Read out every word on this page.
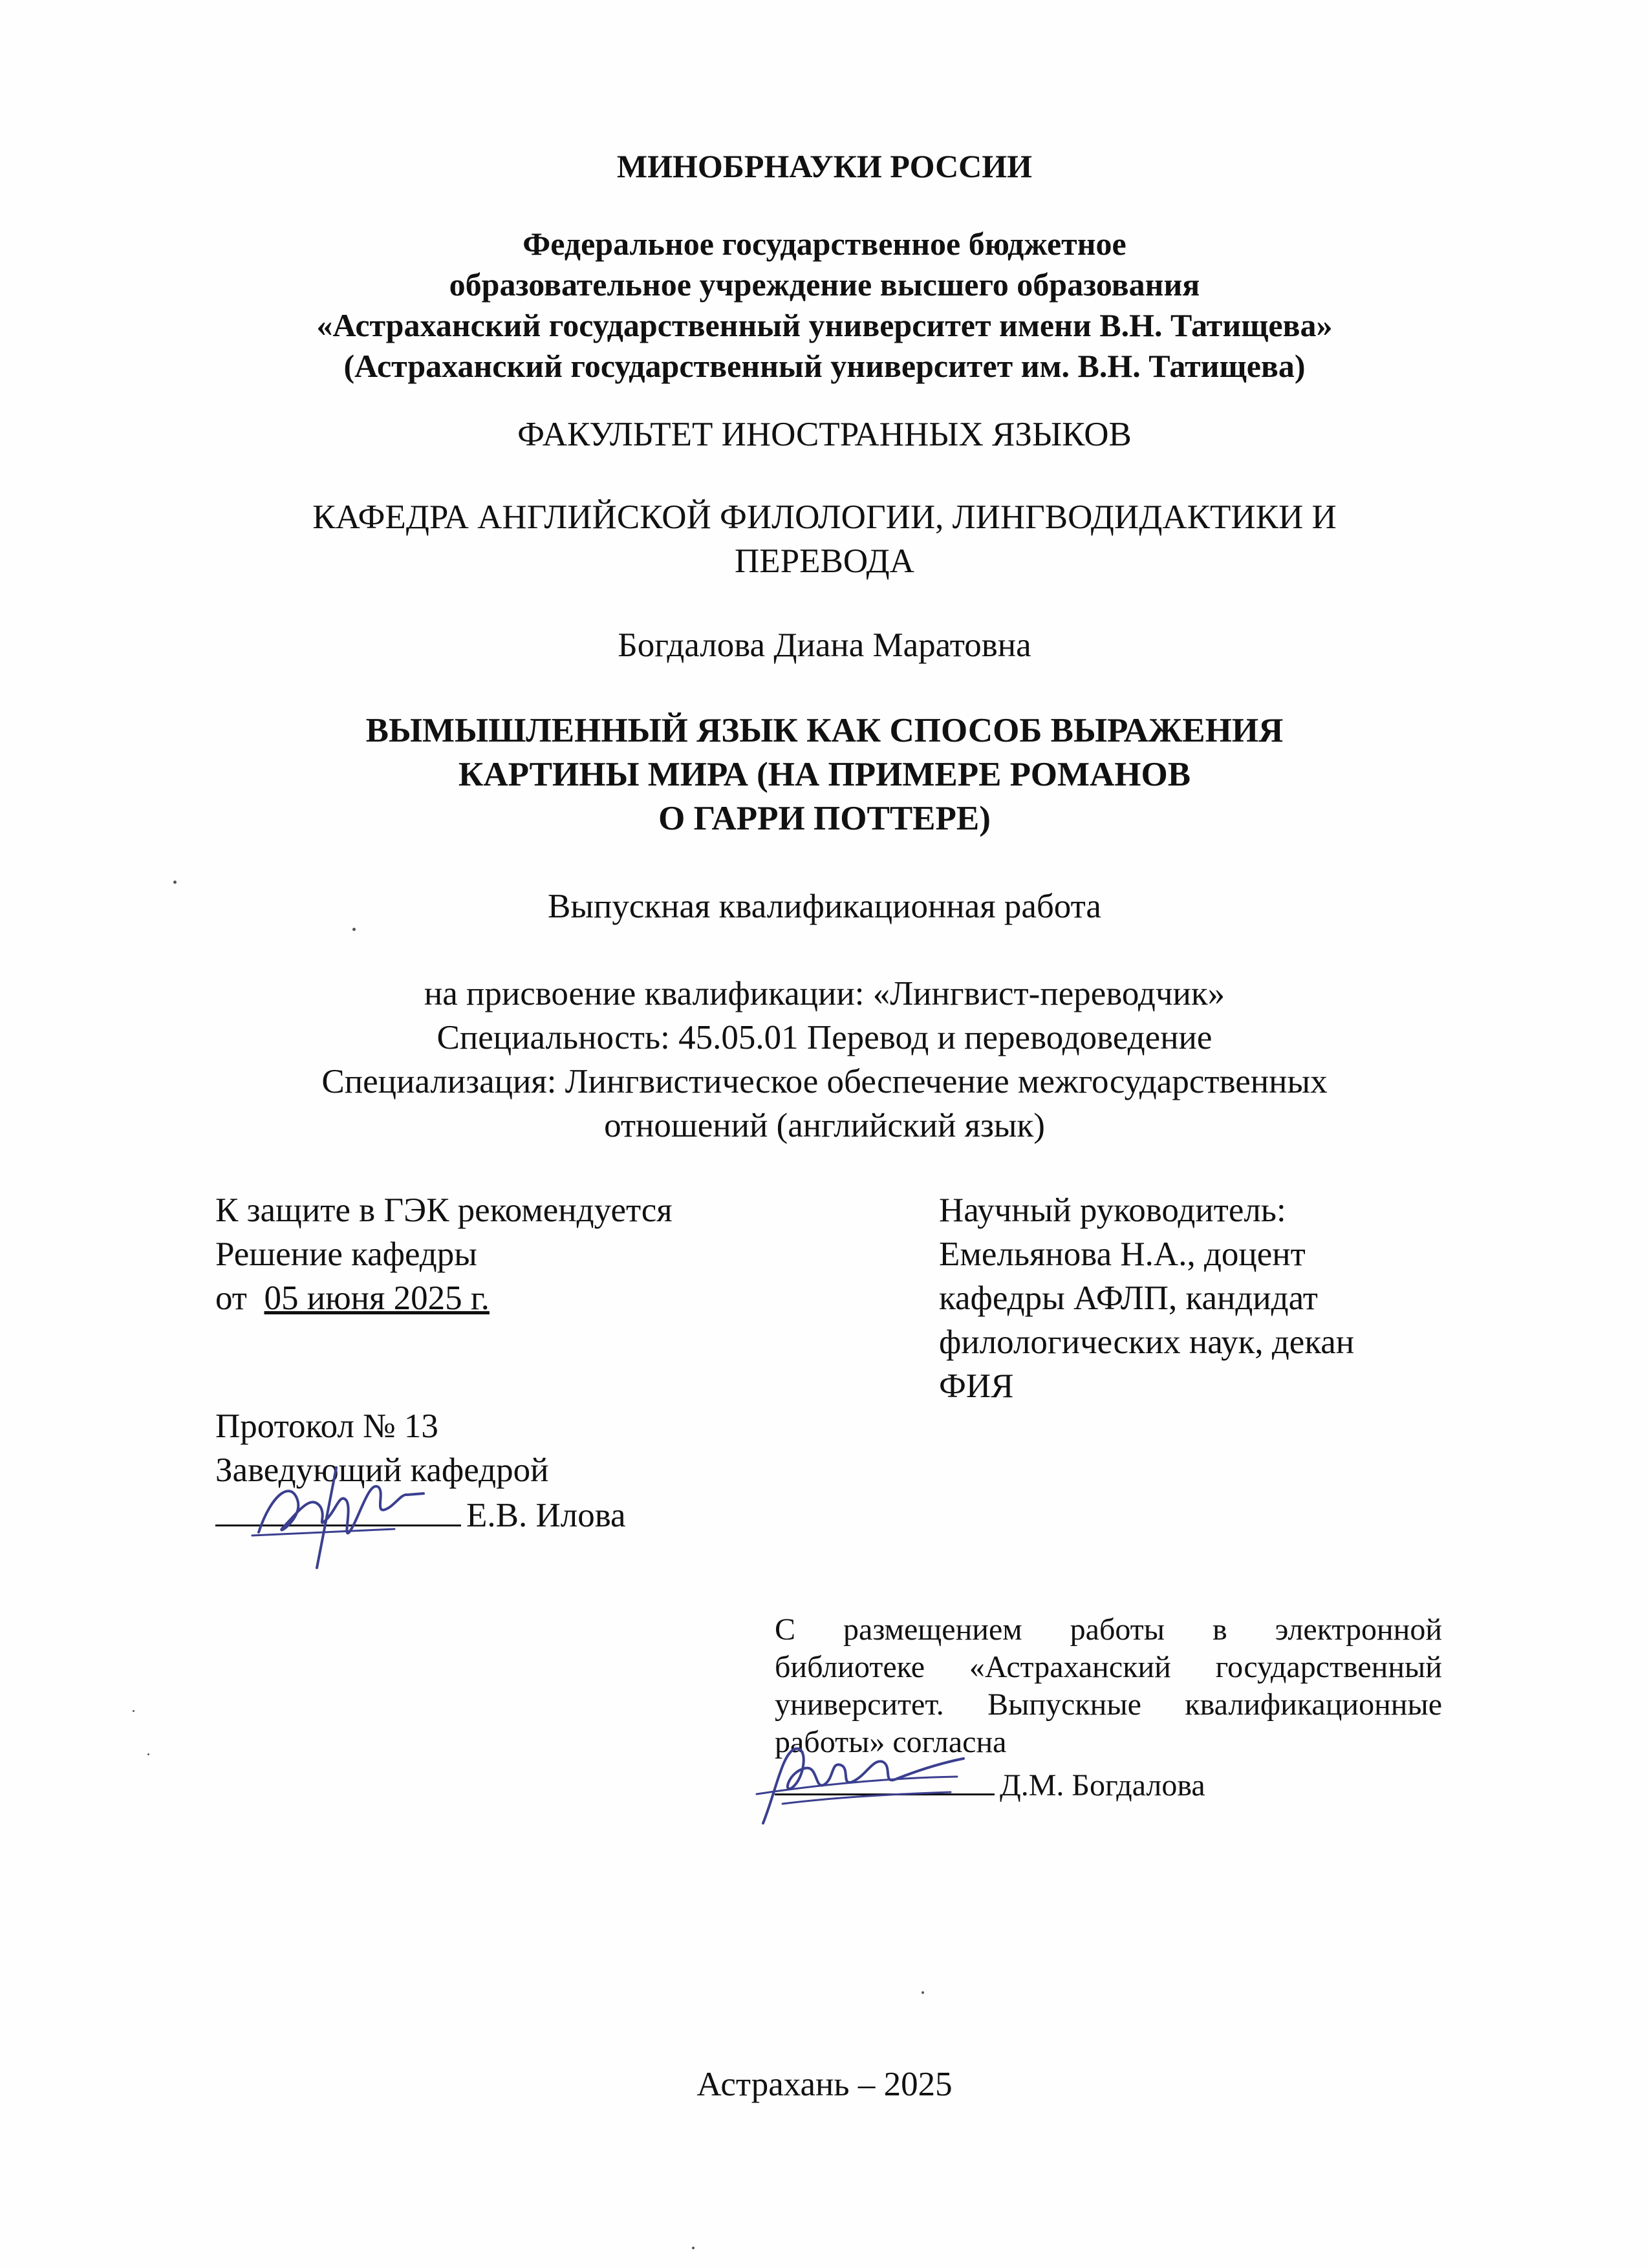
МИНОБРНАУКИ РОССИИ
Федеральное государственное бюджетное
образовательное учреждение высшего образования
«Астраханский государственный университет имени В.Н. Татищева»
(Астраханский государственный университет им. В.Н. Татищева)
ФАКУЛЬТЕТ ИНОСТРАННЫХ ЯЗЫКОВ
КАФЕДРА АНГЛИЙСКОЙ ФИЛОЛОГИИ, ЛИНГВОДИДАКТИКИ И
ПЕРЕВОДА
Богдалова Диана Маратовна
ВЫМЫШЛЕННЫЙ ЯЗЫК КАК СПОСОБ ВЫРАЖЕНИЯ
КАРТИНЫ МИРА (НА ПРИМЕРЕ РОМАНОВ
О ГАРРИ ПОТТЕРЕ)
Выпускная квалификационная работа
на присвоение квалификации: «Лингвист-переводчик»
Специальность: 45.05.01 Перевод и переводоведение
Специализация: Лингвистическое обеспечение межгосударственных
отношений (английский язык)
К защите в ГЭК рекомендуется
Решение кафедры
от 05 июня 2025 г.
Научный руководитель:
Емельянова Н.А., доцент
кафедры АФЛП, кандидат
филологических наук, декан
ФИЯ
Протокол № 13
Заведующий кафедрой
Е.В. Илова
С размещением работы в электронной
библиотеке «Астраханский государственный
университет. Выпускные квалификационные
работы» согласна
Д.М. Богдалова
Астрахань – 2025
